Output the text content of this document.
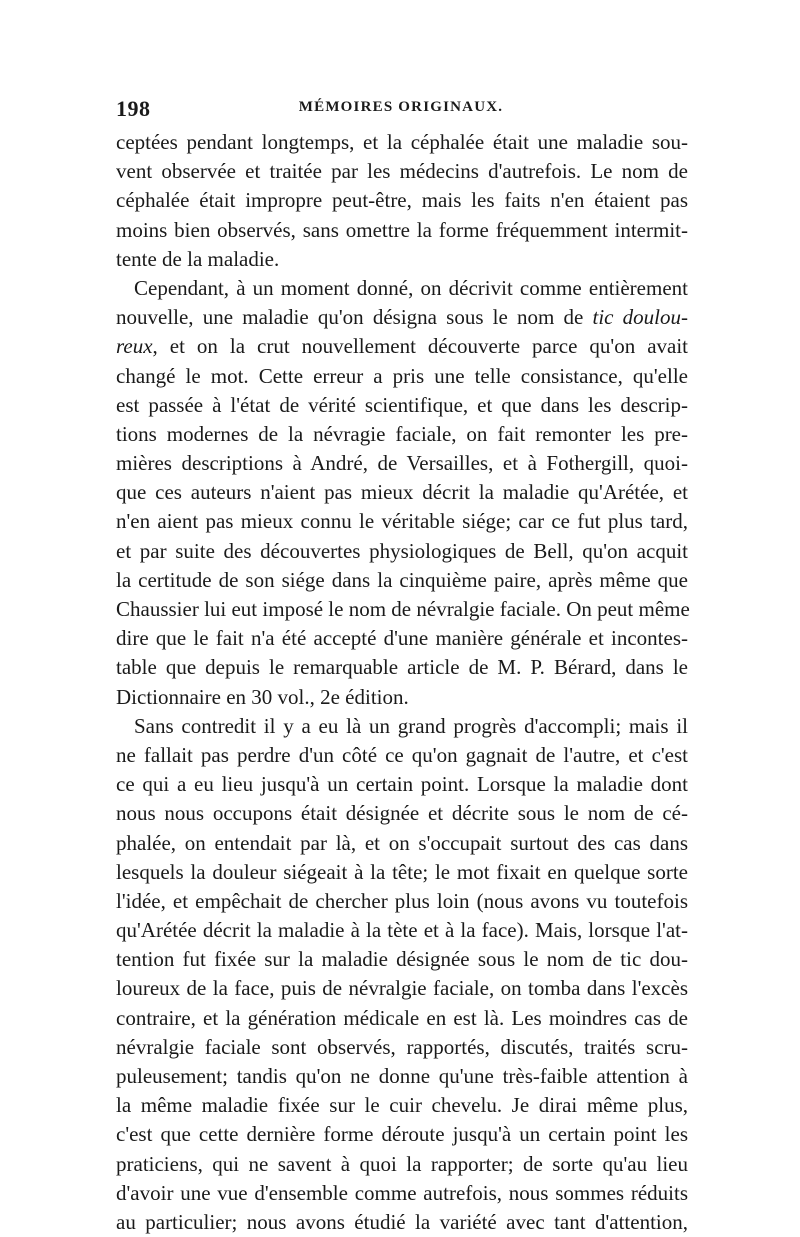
198	MÉMOIRES ORIGINAUX.
ceptées pendant longtemps, et la céphalée était une maladie sou-
vent observée et traitée par les médecins d'autrefois. Le nom de
céphalée était impropre peut-être, mais les faits n'en étaient pas
moins bien observés, sans omettre la forme fréquemment intermit-
tente de la maladie.
Cependant, à un moment donné, on décrivit comme entièrement
nouvelle, une maladie qu'on désigna sous le nom de tic doulou-
reux, et on la crut nouvellement découverte parce qu'on avait
changé le mot. Cette erreur a pris une telle consistance, qu'elle
est passée à l'état de vérité scientifique, et que dans les descrip-
tions modernes de la névragie faciale, on fait remonter les pre-
mières descriptions à André, de Versailles, et à Fothergill, quoi-
que ces auteurs n'aient pas mieux décrit la maladie qu'Arétée, et
n'en aient pas mieux connu le véritable siége; car ce fut plus tard,
et par suite des découvertes physiologiques de Bell, qu'on acquit
la certitude de son siége dans la cinquième paire, après même que
Chaussier lui eut imposé le nom de névralgie faciale. On peut même
dire que le fait n'a été accepté d'une manière générale et incontes-
table que depuis le remarquable article de M. P. Bérard, dans le
Dictionnaire en 30 vol., 2e édition.
Sans contredit il y a eu là un grand progrès d'accompli; mais il
ne fallait pas perdre d'un côté ce qu'on gagnait de l'autre, et c'est
ce qui a eu lieu jusqu'à un certain point. Lorsque la maladie dont
nous nous occupons était désignée et décrite sous le nom de cé-
phalée, on entendait par là, et on s'occupait surtout des cas dans
lesquels la douleur siégeait à la tête; le mot fixait en quelque sorte
l'idée, et empêchait de chercher plus loin (nous avons vu toutefois
qu'Arétée décrit la maladie à la tète et à la face). Mais, lorsque l'at-
tention fut fixée sur la maladie désignée sous le nom de tic dou-
loureux de la face, puis de névralgie faciale, on tomba dans l'excès
contraire, et la génération médicale en est là. Les moindres cas de
névralgie faciale sont observés, rapportés, discutés, traités scru-
puleusement; tandis qu'on ne donne qu'une très-faible attention à
la même maladie fixée sur le cuir chevelu. Je dirai même plus,
c'est que cette dernière forme déroute jusqu'à un certain point les
praticiens, qui ne savent à quoi la rapporter; de sorte qu'au lieu
d'avoir une vue d'ensemble comme autrefois, nous sommes réduits
au particulier; nous avons étudié la variété avec tant d'attention,
